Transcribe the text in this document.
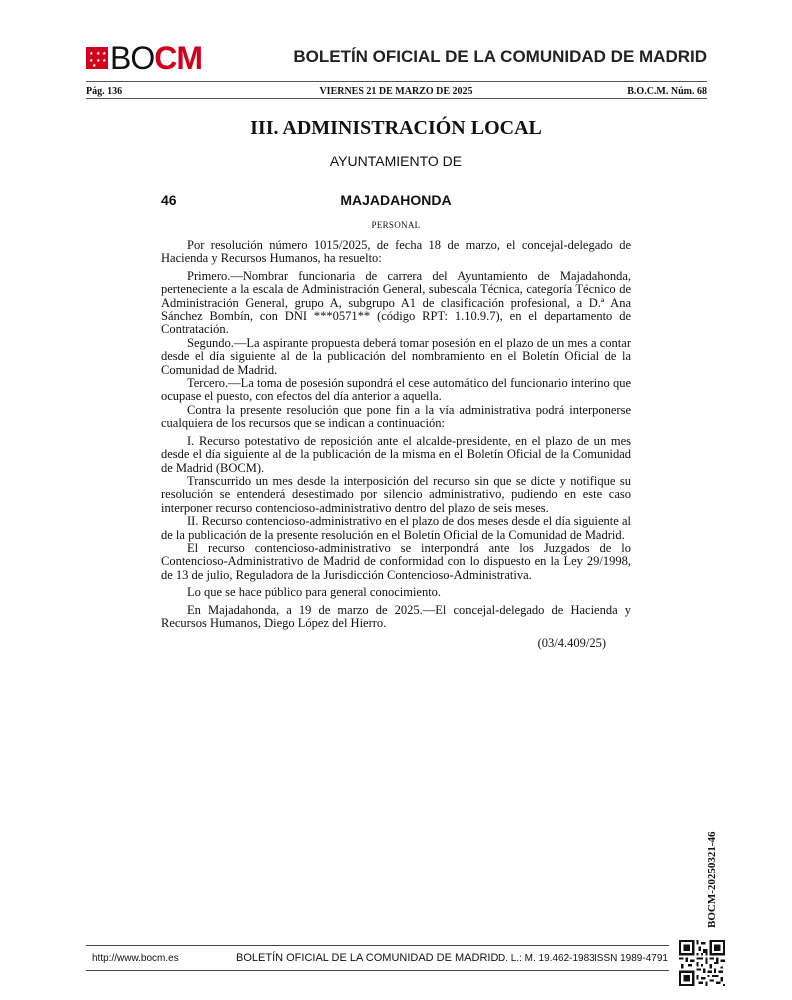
★ ★ ★
★ ★ ★
★ BOCM	BOLETÍN OFICIAL DE LA COMUNIDAD DE MADRID
Pág. 136	VIERNES 21 DE MARZO DE 2025	B.O.C.M. Núm. 68
III. ADMINISTRACIÓN LOCAL
AYUNTAMIENTO DE
46	MAJADAHONDA
PERSONAL

Por resolución número 1015/2025, de fecha 18 de marzo, el concejal-delegado de Hacienda y Recursos Humanos, ha resuelto:

Primero.—Nombrar funcionaria de carrera del Ayuntamiento de Majadahonda, perteneciente a la escala de Administración General, subescala Técnica, categoría Técnico de Administración General, grupo A, subgrupo A1 de clasificación profesional, a D.ª Ana Sánchez Bombín, con DNI ***0571** (código RPT: 1.10.9.7), en el departamento de Contratación.

Segundo.—La aspirante propuesta deberá tomar posesión en el plazo de un mes a contar desde el día siguiente al de la publicación del nombramiento en el Boletín Oficial de la Comunidad de Madrid.

Tercero.—La toma de posesión supondrá el cese automático del funcionario interino que ocupase el puesto, con efectos del día anterior a aquella.

Contra la presente resolución que pone fin a la vía administrativa podrá interponerse cualquiera de los recursos que se indican a continuación:

I. Recurso potestativo de reposición ante el alcalde-presidente, en el plazo de un mes desde el día siguiente al de la publicación de la misma en el Boletín Oficial de la Comunidad de Madrid (BOCM).

Transcurrido un mes desde la interposición del recurso sin que se dicte y notifique su resolución se entenderá desestimado por silencio administrativo, pudiendo en este caso interponer recurso contencioso-administrativo dentro del plazo de seis meses.

II. Recurso contencioso-administrativo en el plazo de dos meses desde el día siguiente al de la publicación de la presente resolución en el Boletín Oficial de la Comunidad de Madrid.

El recurso contencioso-administrativo se interpondrá ante los Juzgados de lo Contencioso-Administrativo de Madrid de conformidad con lo dispuesto en la Ley 29/1998, de 13 de julio, Reguladora de la Jurisdicción Contencioso-Administrativa.

Lo que se hace público para general conocimiento.

En Majadahonda, a 19 de marzo de 2025.—El concejal-delegado de Hacienda y Recursos Humanos, Diego López del Hierro.

(03/4.409/25)
BOCM-20250321-46
http://www.bocm.es	BOLETÍN OFICIAL DE LA COMUNIDAD DE MADRID D. L.: M. 19.462-1983 ISSN 1989-4791
